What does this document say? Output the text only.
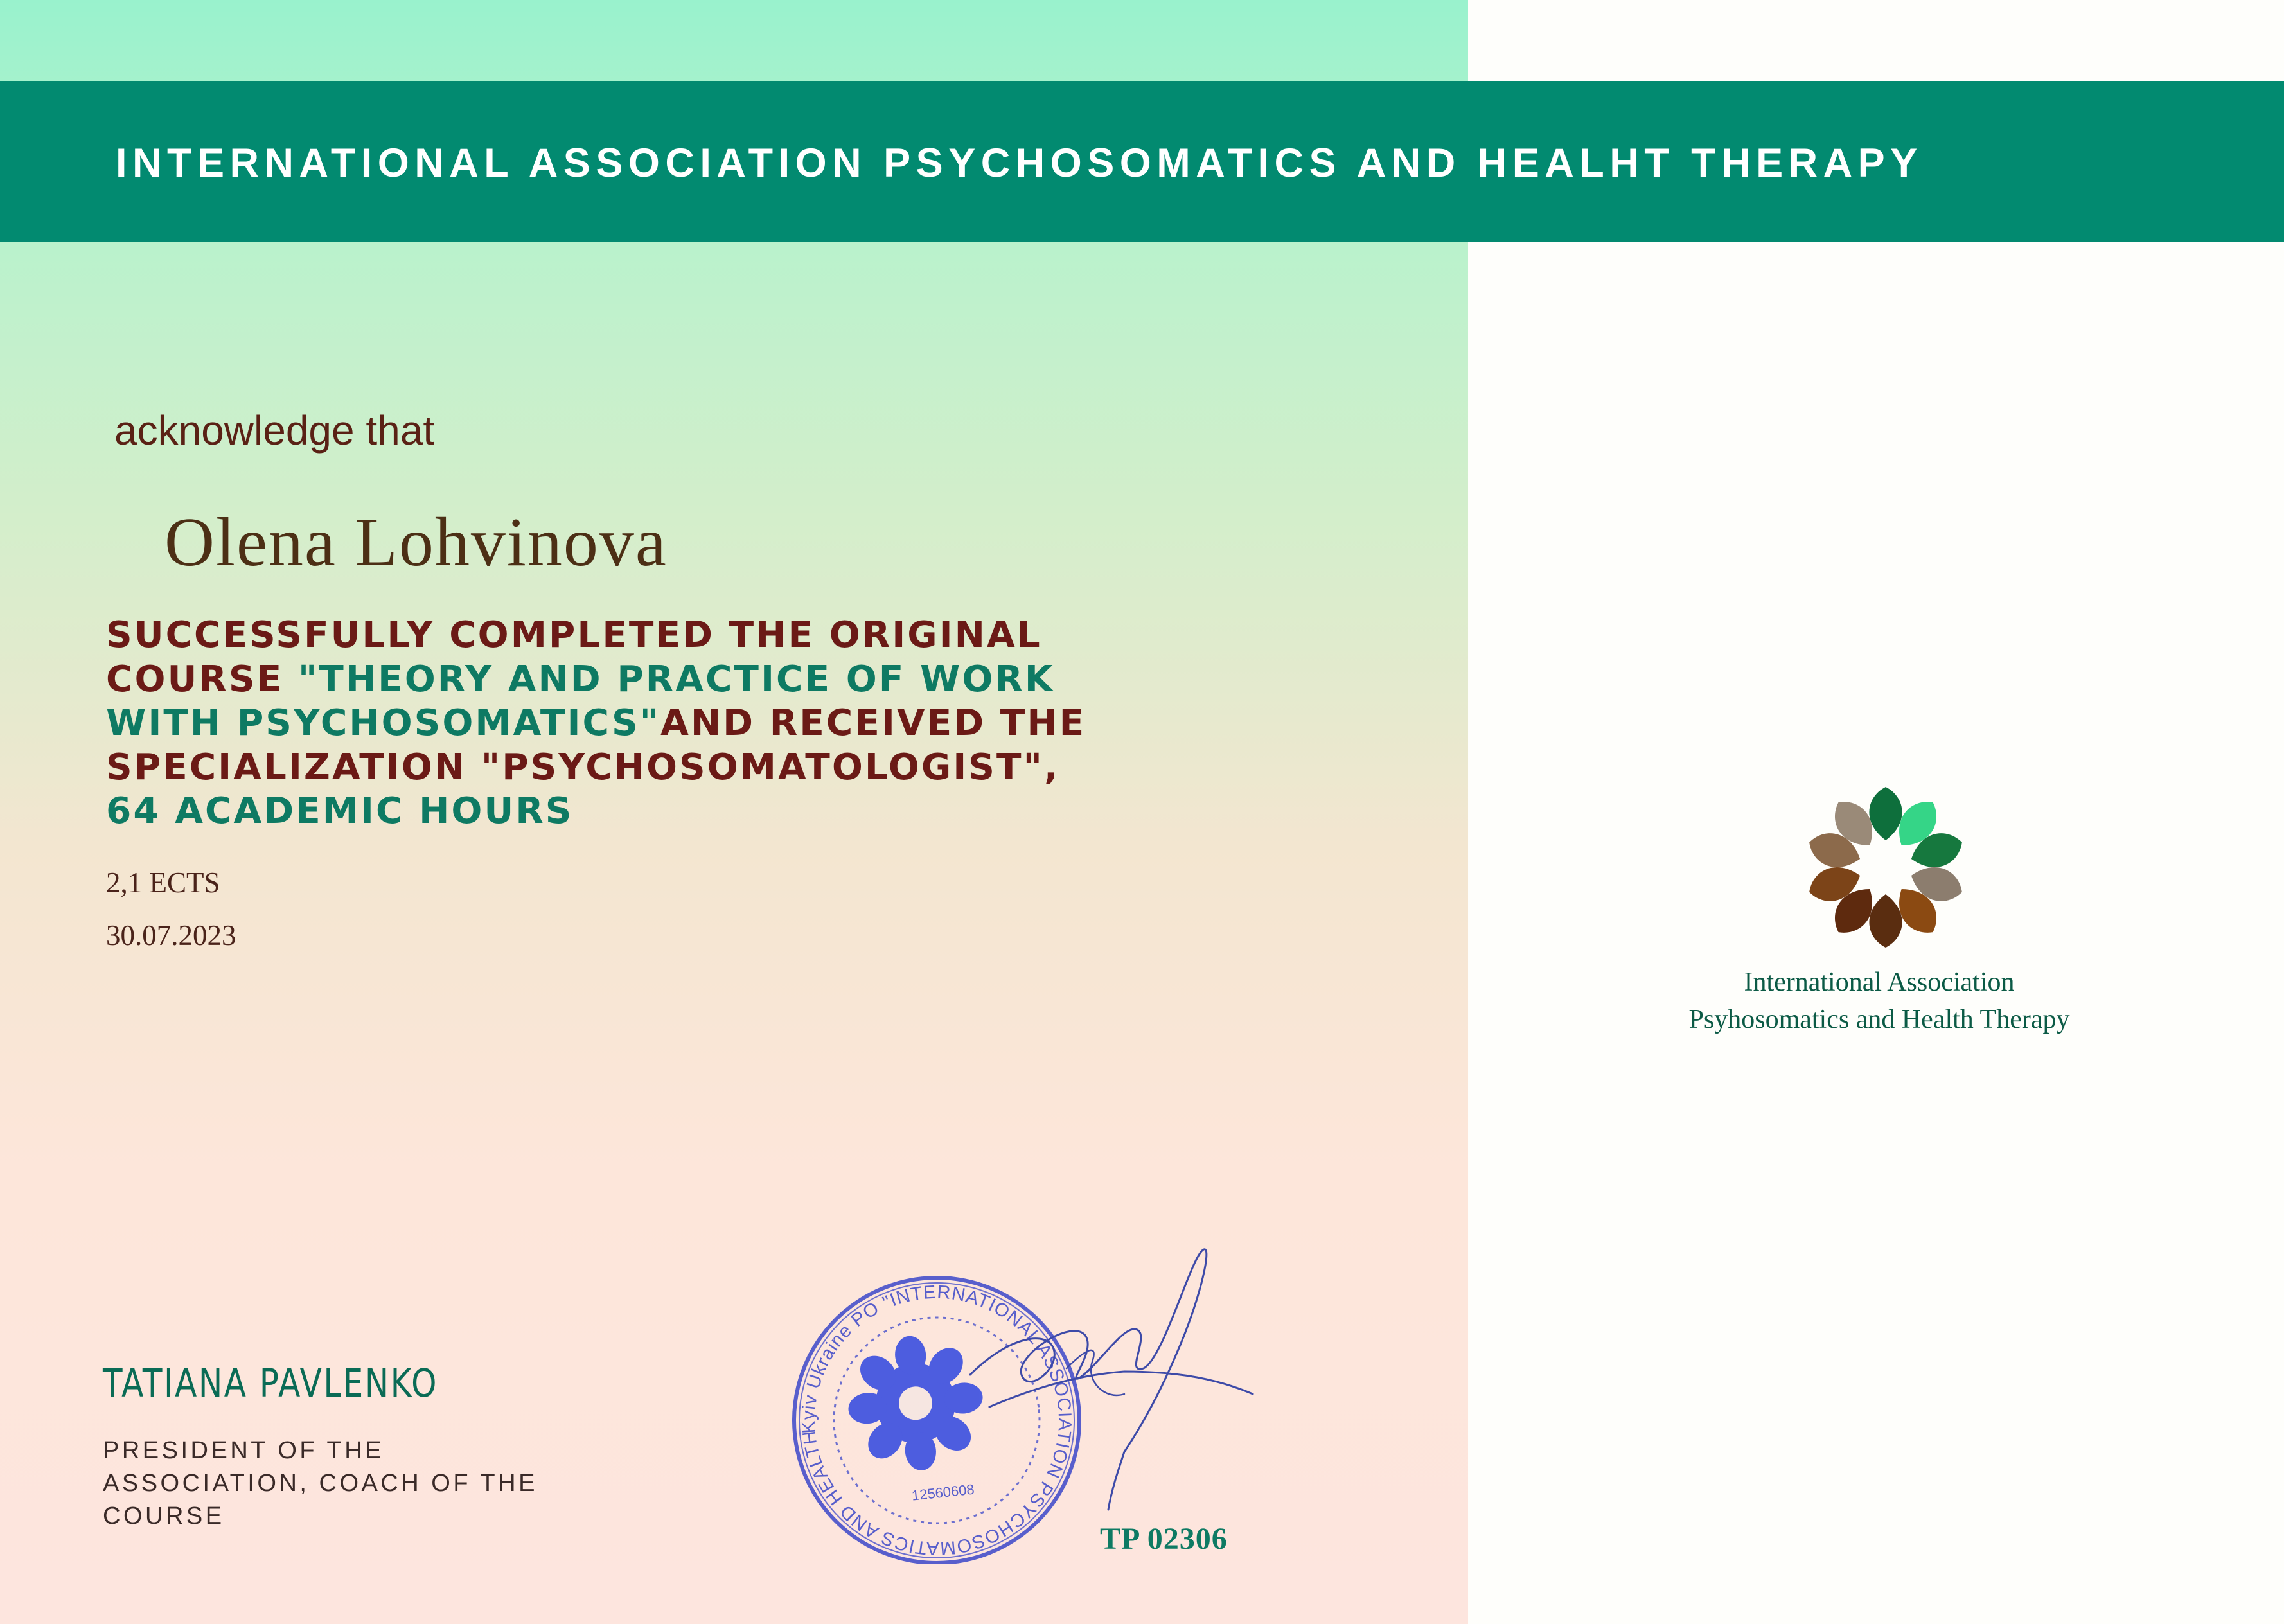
INTERNATIONAL ASSOCIATION PSYCHOSOMATICS AND HEALHT THERAPY
acknowledge that
Olena Lohvinova
SUCCESSFULLY COMPLETED THE ORIGINAL COURSE "THEORY AND PRACTICE OF WORK WITH PSYCHOSOMATICS"AND RECEIVED THE SPECIALIZATION "PSYCHOSOMATOLOGIST", 64 ACADEMIC HOURS
2,1 ECTS
30.07.2023
TATIANA PAVLENKO
PRESIDENT OF THE ASSOCIATION, COACH OF THE COURSE
Kyiv Ukraine PO "INTERNATIONAL ASSOCIATION PSYCHOSOMATICS AND HEALTH
12560608
TP 02306
International Association
Psyhosomatics and Health Therapy
